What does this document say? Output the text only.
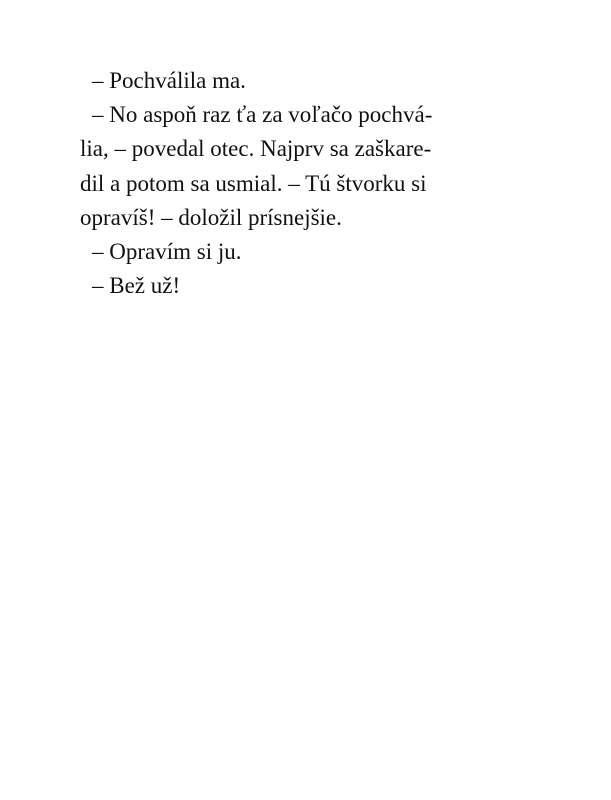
– Pochválila ma.
– No aspoň raz ťa za voľačo pochvá-
lia, – povedal otec. Najprv sa zaškare-
dil a potom sa usmial. – Tú štvorku si
opravíš! – doložil prísnejšie.
– Opravím si ju.
– Bež už!
